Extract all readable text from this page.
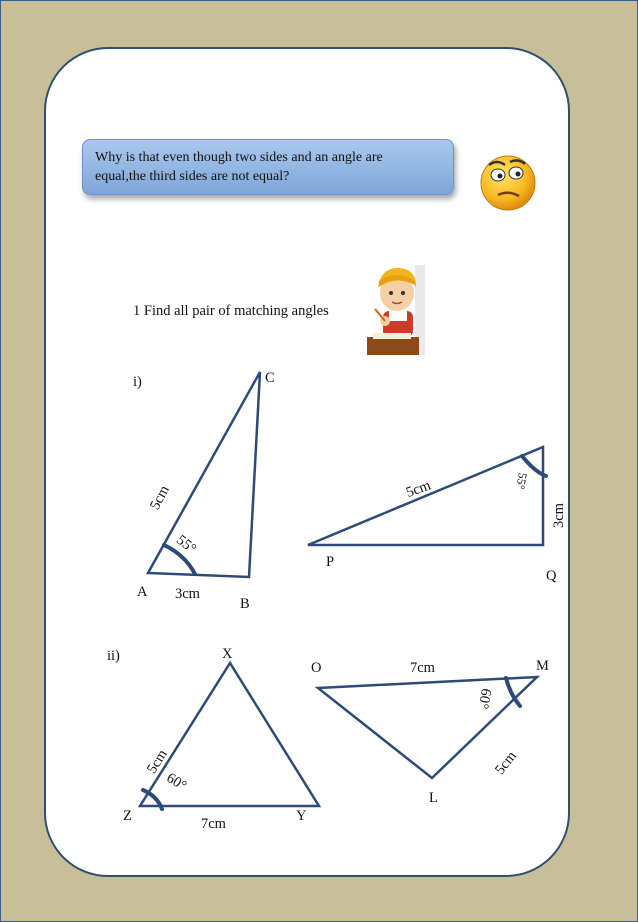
Why is that even though two sides and an angle are
equal,the third sides are not equal?
1 Find all pair of matching angles
i)	C
A
B
3cm
5cm
55°
P
Q
5cm
3cm
55°
ii)	X
Y
Z	7cm
5cm
60°
O	M
L
7cm
5cm
60°
